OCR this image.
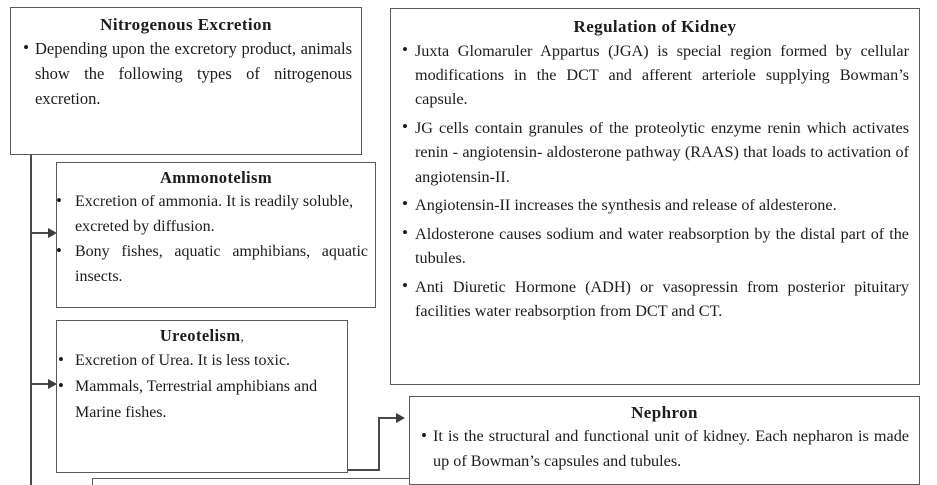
Nitrogenous Excretion
• Depending upon the excretory product, animals show the following types of nitrogenous excretion.
Ammonotelism
• Excretion of ammonia. It is readily soluble, excreted by diffusion.
• Bony fishes, aquatic amphibians, aquatic insects.
Ureotelism,
• Excretion of Urea. It is less toxic.
• Mammals, Terrestrial amphibians and Marine fishes.
Regulation of Kidney
• Juxta Glomaruler Appartus (JGA) is special region formed by cellular modifications in the DCT and afferent arteriole supplying Bowman’s capsule.
• JG cells contain granules of the proteolytic enzyme renin which activates renin - angiotensin- aldosterone pathway (RAAS) that loads to activation of angiotensin-II.
• Angiotensin-II increases the synthesis and release of aldesterone.
• Aldosterone causes sodium and water reabsorption by the distal part of the tubules.
• Anti Diuretic Hormone (ADH) or vasopressin from posterior pituitary facilities water reabsorption from DCT and CT.
Nephron
• It is the structural and functional unit of kidney. Each nepharon is made up of Bowman’s capsules and tubules.
